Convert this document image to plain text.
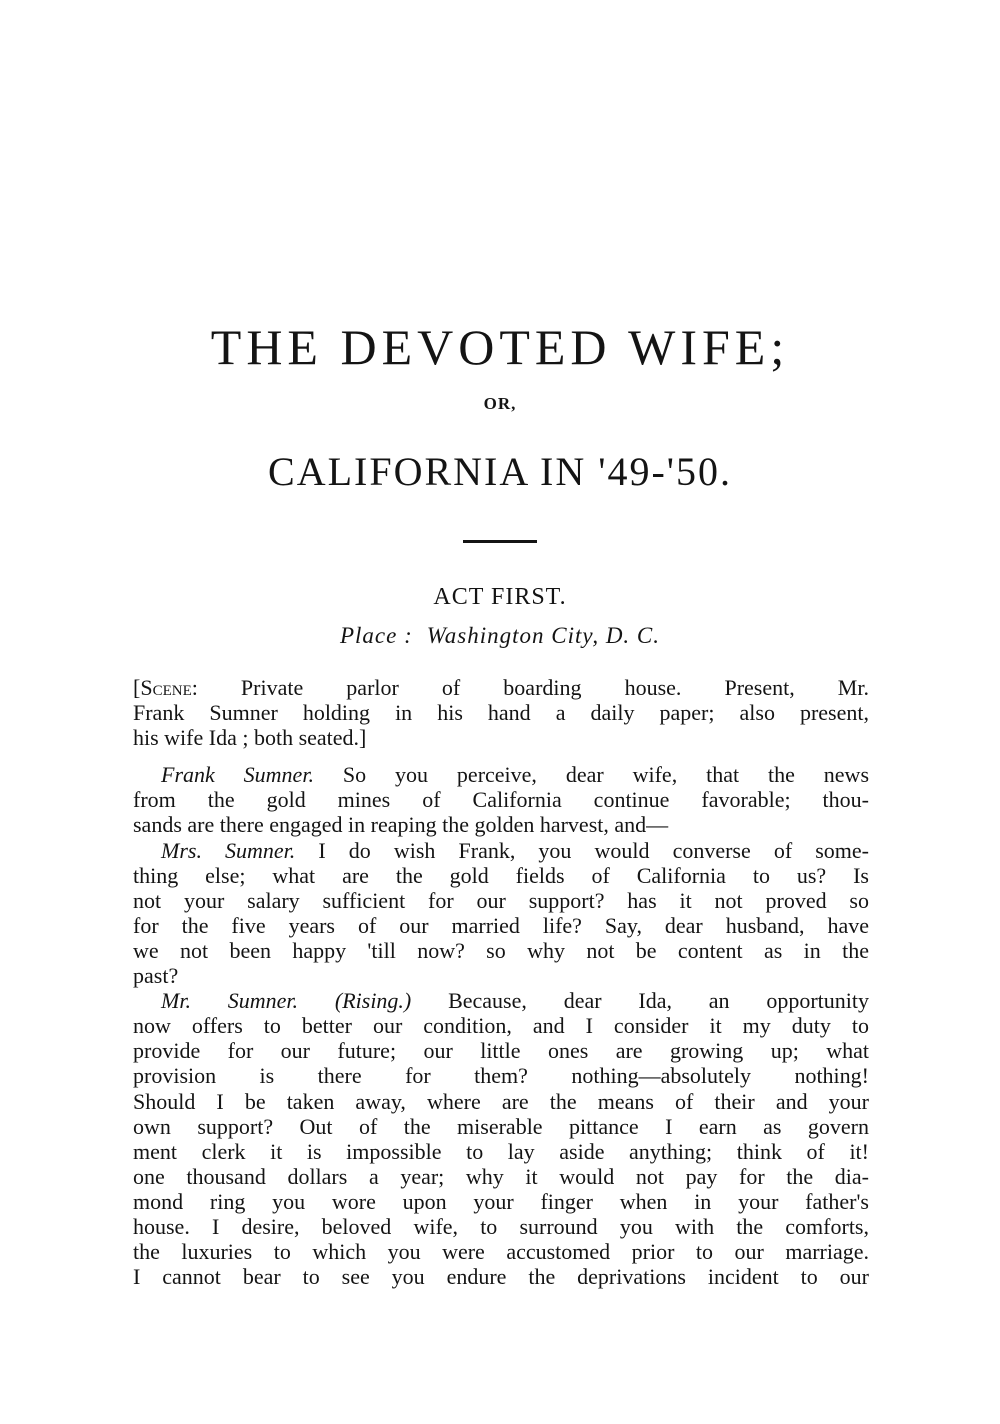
THE DEVOTED WIFE;
OR,
CALIFORNIA IN '49-'50.
ACT FIRST.
Place : Washington City, D. C.
[Scene: Private parlor of boarding house. Present, Mr.
Frank Sumner holding in his hand a daily paper; also present,
his wife Ida ; both seated.]
Frank Sumner. So you perceive, dear wife, that the news
from the gold mines of California continue favorable; thou-
sands are there engaged in reaping the golden harvest, and—
Mrs. Sumner. I do wish Frank, you would converse of some-
thing else; what are the gold fields of California to us? Is
not your salary sufficient for our support? has it not proved so
for the five years of our married life? Say, dear husband, have
we not been happy 'till now? so why not be content as in the
past?
Mr. Sumner. (Rising.) Because, dear Ida, an opportunity
now offers to better our condition, and I consider it my duty to
provide for our future; our little ones are growing up; what
provision is there for them? nothing—absolutely nothing!
Should I be taken away, where are the means of their and your
own support? Out of the miserable pittance I earn as govern
ment clerk it is impossible to lay aside anything; think of it!
one thousand dollars a year; why it would not pay for the dia-
mond ring you wore upon your finger when in your father's
house. I desire, beloved wife, to surround you with the comforts,
the luxuries to which you were accustomed prior to our marriage.
I cannot bear to see you endure the deprivations incident to our
